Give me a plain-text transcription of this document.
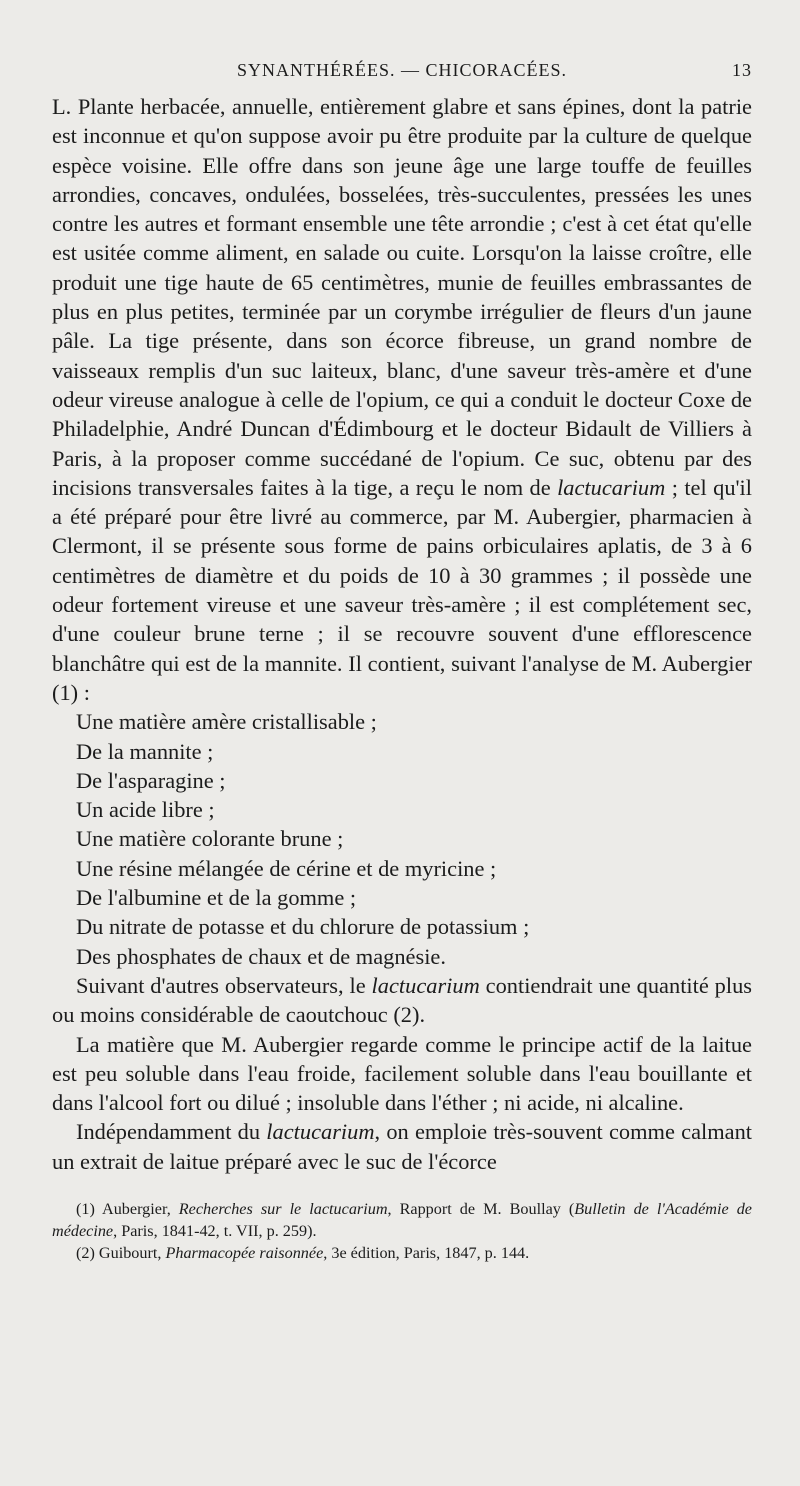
SYNANTHÉRÉES. — CHICORACÉES.	13

L. Plante herbacée, annuelle, entièrement glabre et sans épines, dont la patrie est inconnue et qu'on suppose avoir pu être produite par la culture de quelque espèce voisine. Elle offre dans son jeune âge une large touffe de feuilles arrondies, concaves, ondulées, bosselées, très-succulentes, pressées les unes contre les autres et formant ensemble une tête arrondie ; c'est à cet état qu'elle est usitée comme aliment, en salade ou cuite. Lorsqu'on la laisse croître, elle produit une tige haute de 65 centimètres, munie de feuilles embrassantes de plus en plus petites, terminée par un corymbe irrégulier de fleurs d'un jaune pâle. La tige présente, dans son écorce fibreuse, un grand nombre de vaisseaux remplis d'un suc laiteux, blanc, d'une saveur très-amère et d'une odeur vireuse analogue à celle de l'opium, ce qui a conduit le docteur Coxe de Philadelphie, André Duncan d'Édimbourg et le docteur Bidault de Villiers à Paris, à la proposer comme succédané de l'opium. Ce suc, obtenu par des incisions transversales faites à la tige, a reçu le nom de lactucarium ; tel qu'il a été préparé pour être livré au commerce, par M. Aubergier, pharmacien à Clermont, il se présente sous forme de pains orbiculaires aplatis, de 3 à 6 centimètres de diamètre et du poids de 10 à 30 grammes ; il possède une odeur fortement vireuse et une saveur très-amère ; il est complétement sec, d'une couleur brune terne ; il se recouvre souvent d'une efflorescence blanchâtre qui est de la mannite. Il contient, suivant l'analyse de M. Aubergier (1) :

Une matière amère cristallisable ;

De la mannite ;

De l'asparagine ;

Un acide libre ;

Une matière colorante brune ;

Une résine mélangée de cérine et de myricine ;

De l'albumine et de la gomme ;

Du nitrate de potasse et du chlorure de potassium ;

Des phosphates de chaux et de magnésie.

Suivant d'autres observateurs, le lactucarium contiendrait une quantité plus ou moins considérable de caoutchouc (2).

La matière que M. Aubergier regarde comme le principe actif de la laitue est peu soluble dans l'eau froide, facilement soluble dans l'eau bouillante et dans l'alcool fort ou dilué ; insoluble dans l'éther ; ni acide, ni alcaline.

Indépendamment du lactucarium, on emploie très-souvent comme calmant un extrait de laitue préparé avec le suc de l'écorce

(1) Aubergier, Recherches sur le lactucarium, Rapport de M. Boullay (Bulletin de l'Académie de médecine, Paris, 1841-42, t. VII, p. 259).

(2) Guibourt, Pharmacopée raisonnée, 3e édition, Paris, 1847, p. 144.
